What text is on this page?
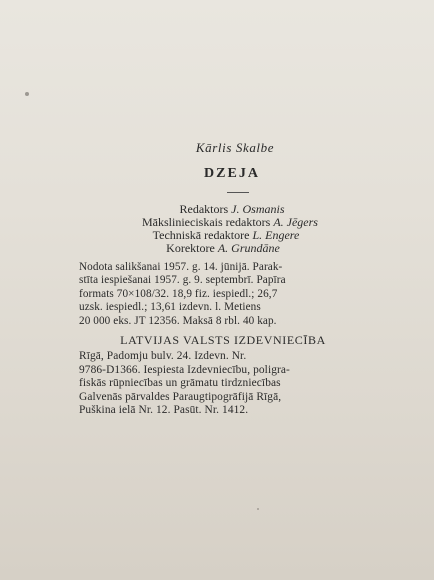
Kārlis Skalbe

DZEJA

Redaktors J. Osmanis
Mākslinieciskais redaktors A. Jēgers
Techniskā redaktore L. Engere
Korektore A. Grundāne
Nodota salikšanai 1957. g. 14. jūnijā. Parak-
stīta iespiešanai 1957. g. 9. septembrī. Papīra
formats 70×108/32. 18,9 fiz. iespiedl.; 26,7
uzsk. iespiedl.; 13,61 izdevn. l. Metiens
20 000 eks. JT 12356. Maksā 8 rbl. 40 kap.
LATVIJAS VALSTS IZDEVNIECĪBA
Rīgā, Padomju bulv. 24. Izdevn. Nr.
9786-D1366. Iespiesta Izdevniecību, poligra-
fiskās rūpniecības un grāmatu tirdzniecības
Galvenās pārvaldes Paraugtipogrāfijā Rīgā,
Puškina ielā Nr. 12. Pasūt. Nr. 1412.
